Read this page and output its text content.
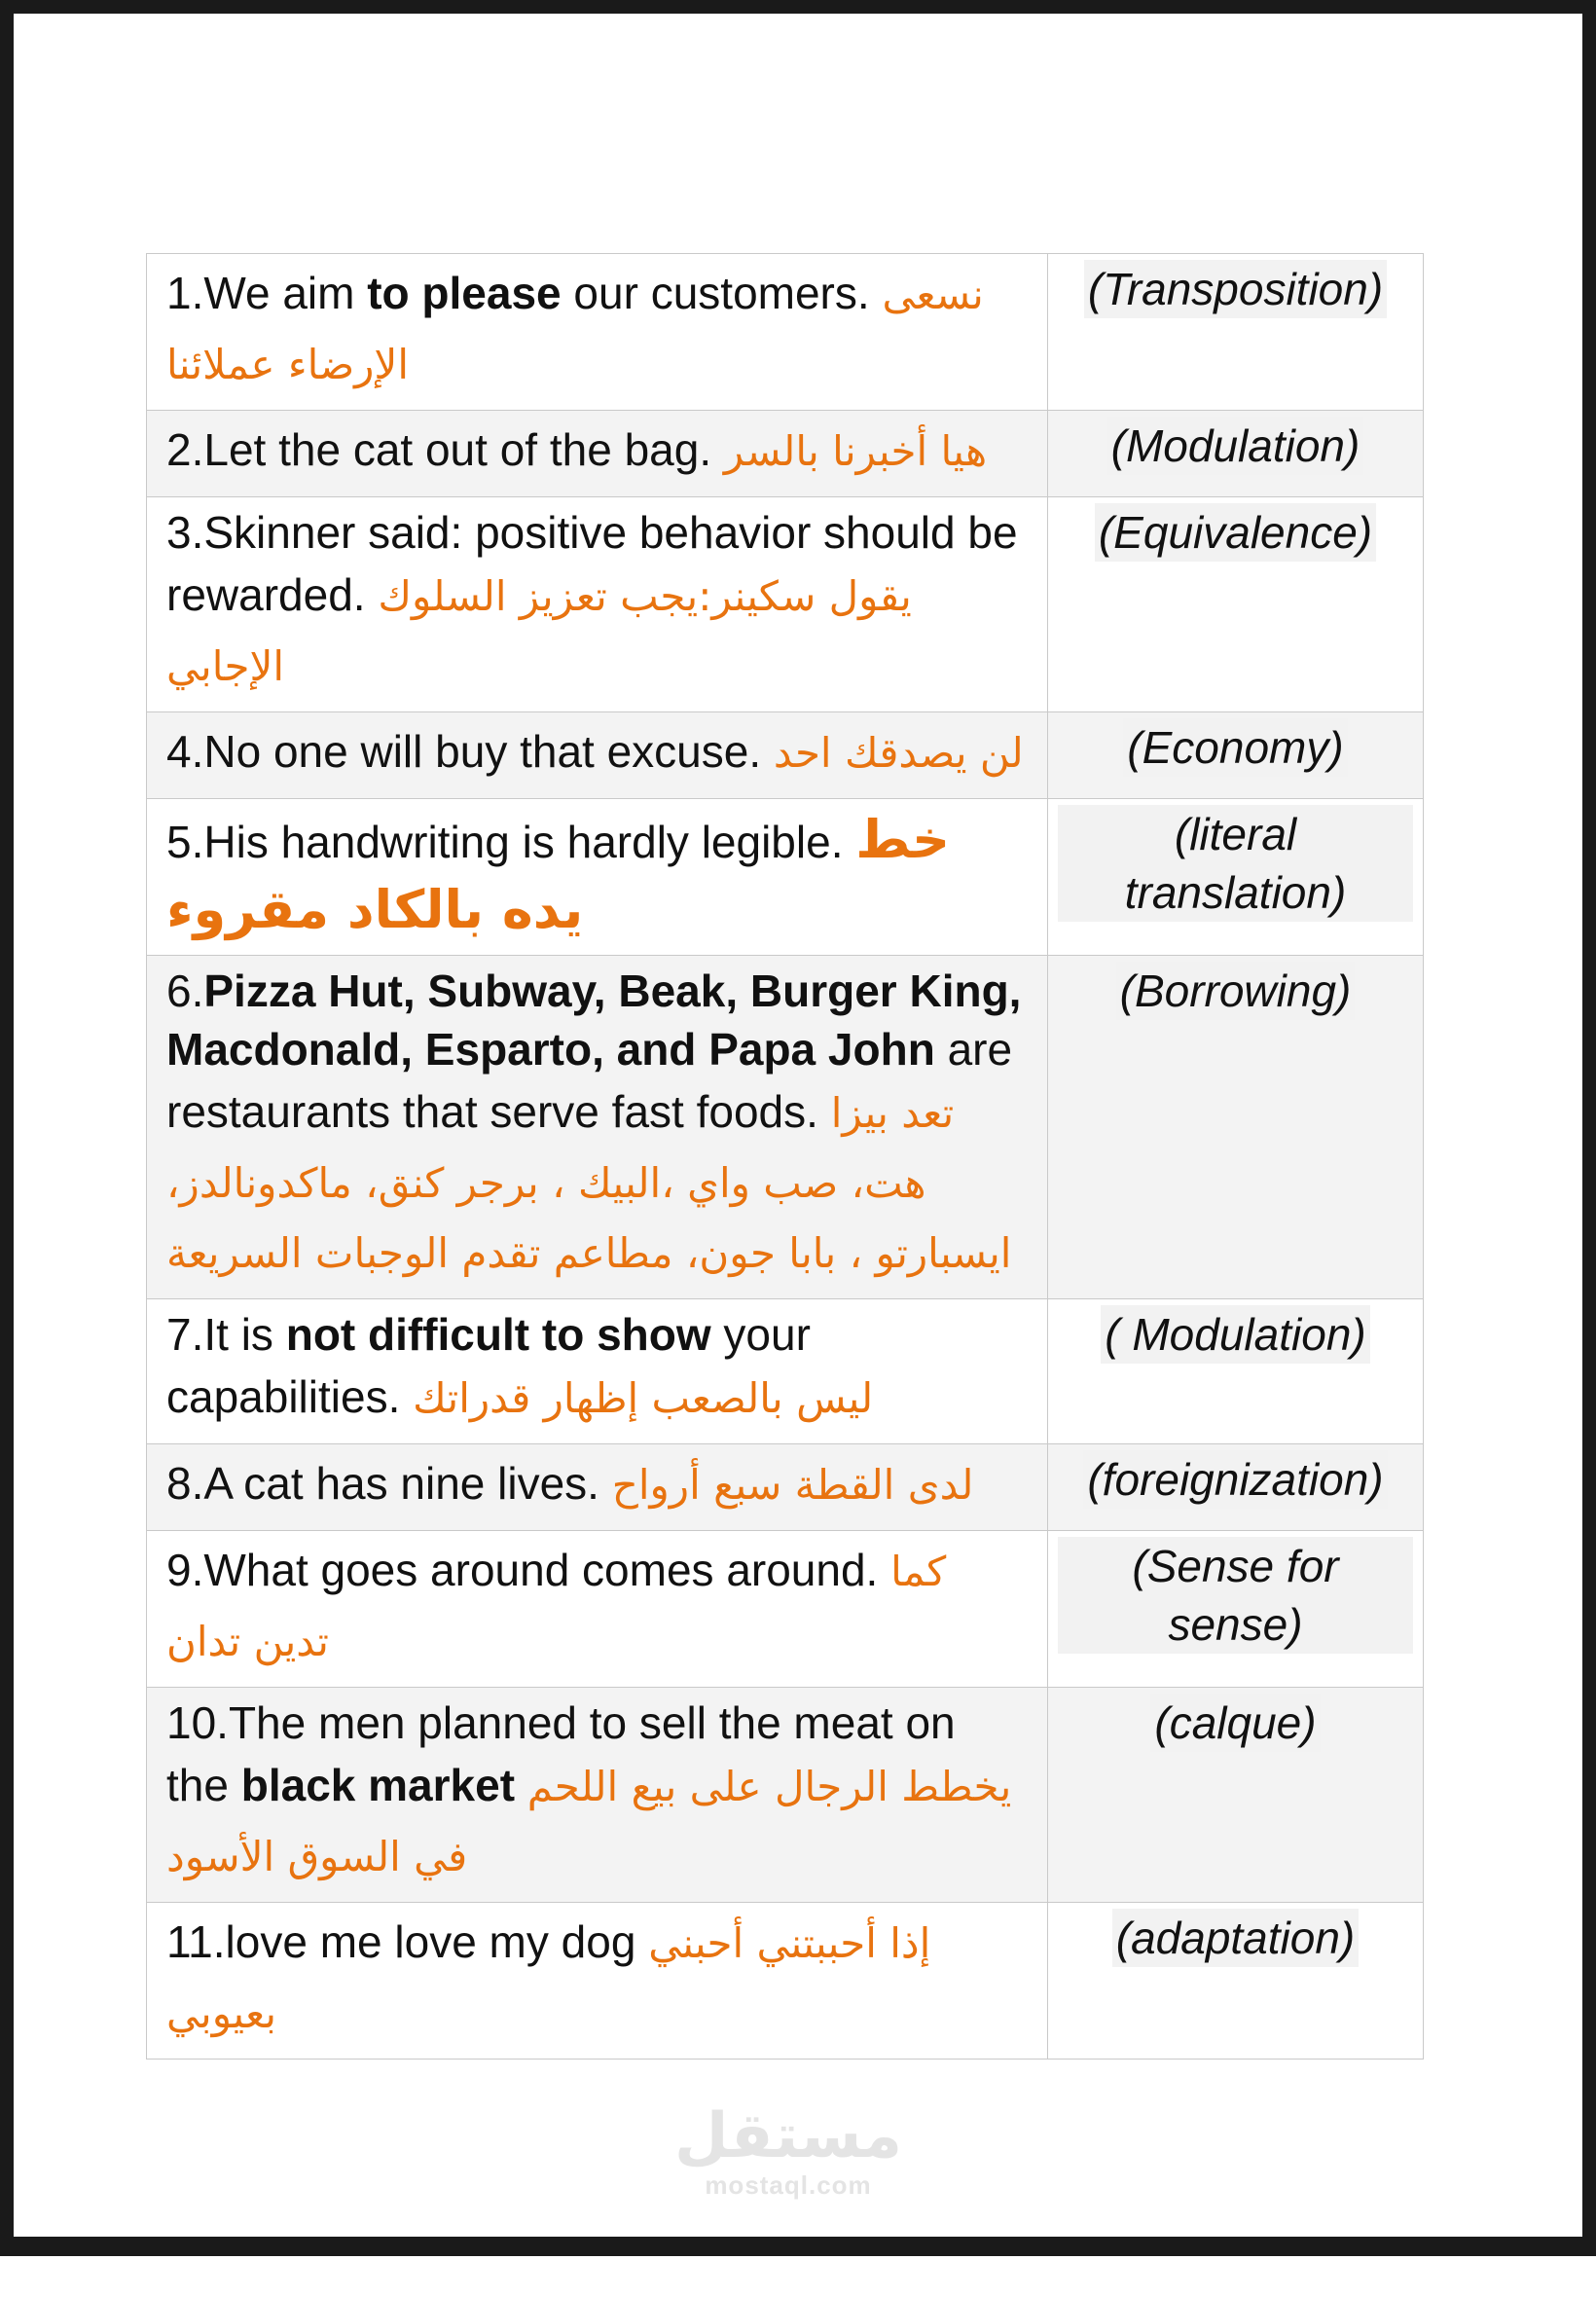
1.We aim to please our customers. نسعى الإرضاء عملائنا	(Transposition)

2.Let the cat out of the bag. هيا أخبرنا بالسر	(Modulation)

3.Skinner said: positive behavior should be rewarded. يقول سكينر:يجب تعزيز السلوك الإجابي	(Equivalence)

4.No one will buy that excuse. لن يصدقك احد	(Economy)

5.His handwriting is hardly legible. خط يده بالكاد مقروء	(literal translation)

6.Pizza Hut, Subway, Beak, Burger King, Macdonald, Esparto, and Papa John are restaurants that serve fast foods. تعد بيزا هت، صب واي ،البيك ، برجر كنق، ماكدونالدز، ايسبارتو ، بابا جون، مطاعم تقدم الوجبات السريعة	(Borrowing)

7.It is not difficult to show your capabilities. ليس بالصعب إظهار قدراتك	( Modulation)

8.A cat has nine lives. لدى القطة سبع أرواح	(foreignization)

9.What goes around comes around. كما تدين تدان	(Sense for sense)

10.The men planned to sell the meat on the black market يخطط الرجال على بيع اللحم في السوق الأسود	(calque)

11.love me love my dog إذا أحببتني أحبني بعيوبي	(adaptation)
مستقل
mostaql.com
